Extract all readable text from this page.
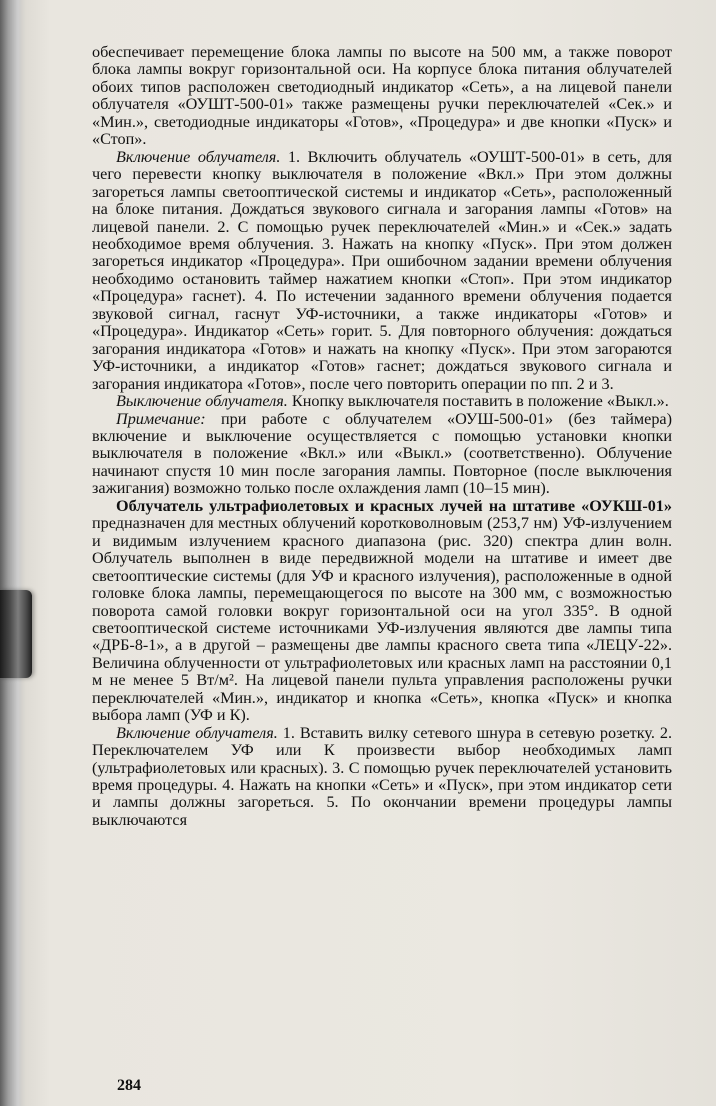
обеспечивает перемещение блока лампы по высоте на 500 мм, а также поворот блока лампы вокруг горизонтальной оси. На корпусе блока питания облучателей обоих типов расположен светодиодный индикатор «Сеть», а на лицевой панели облучателя «ОУШТ-500-01» также размещены ручки переключателей «Сек.» и «Мин.», светодиодные индикаторы «Готов», «Процедура» и две кнопки «Пуск» и «Стоп».

Включение облучателя. 1. Включить облучатель «ОУШТ-500-01» в сеть, для чего перевести кнопку выключателя в положение «Вкл.» При этом должны загореться лампы светооптической системы и индикатор «Сеть», расположенный на блоке питания. Дождаться звукового сигнала и загорания лампы «Готов» на лицевой панели. 2. С помощью ручек переключателей «Мин.» и «Сек.» задать необходимое время облучения. 3. Нажать на кнопку «Пуск». При этом должен загореться индикатор «Процедура». При ошибочном задании времени облучения необходимо остановить таймер нажатием кнопки «Стоп». При этом индикатор «Процедура» гаснет). 4. По истечении заданного времени облучения подается звуковой сигнал, гаснут УФ-источники, а также индикаторы «Готов» и «Процедура». Индикатор «Сеть» горит. 5. Для повторного облучения: дождаться загорания индикатора «Готов» и нажать на кнопку «Пуск». При этом загораются УФ-источники, а индикатор «Готов» гаснет; дождаться звукового сигнала и загорания индикатора «Готов», после чего повторить операции по пп. 2 и 3.

Выключение облучателя. Кнопку выключателя поставить в положение «Выкл.».

Примечание: при работе с облучателем «ОУШ-500-01» (без таймера) включение и выключение осуществляется с помощью установки кнопки выключателя в положение «Вкл.» или «Выкл.» (соответственно). Облучение начинают спустя 10 мин после загорания лампы. Повторное (после выключения зажигания) возможно только после охлаждения ламп (10–15 мин).

Облучатель ультрафиолетовых и красных лучей на штативе «ОУКШ-01» предназначен для местных облучений коротковолновым (253,7 нм) УФ-излучением и видимым излучением красного диапазона (рис. 320) спектра длин волн. Облучатель выполнен в виде передвижной модели на штативе и имеет две светооптические системы (для УФ и красного излучения), расположенные в одной головке блока лампы, перемещающегося по высоте на 300 мм, с возможностью поворота самой головки вокруг горизонтальной оси на угол 335°. В одной светооптической системе источниками УФ-излучения являются две лампы типа «ДРБ-8-1», а в другой – размещены две лампы красного света типа «ЛЕЦУ-22». Величина облученности от ультрафиолетовых или красных ламп на расстоянии 0,1 м не менее 5 Вт/м². На лицевой панели пульта управления расположены ручки переключателей «Мин.», индикатор и кнопка «Сеть», кнопка «Пуск» и кнопка выбора ламп (УФ и К).

Включение облучателя. 1. Вставить вилку сетевого шнура в сетевую розетку. 2. Переключателем УФ или К произвести выбор необходимых ламп (ультрафиолетовых или красных). 3. С помощью ручек переключателей установить время процедуры. 4. Нажать на кнопки «Сеть» и «Пуск», при этом индикатор сети и лампы должны загореться. 5. По окончании времени процедуры лампы выключаются

284
